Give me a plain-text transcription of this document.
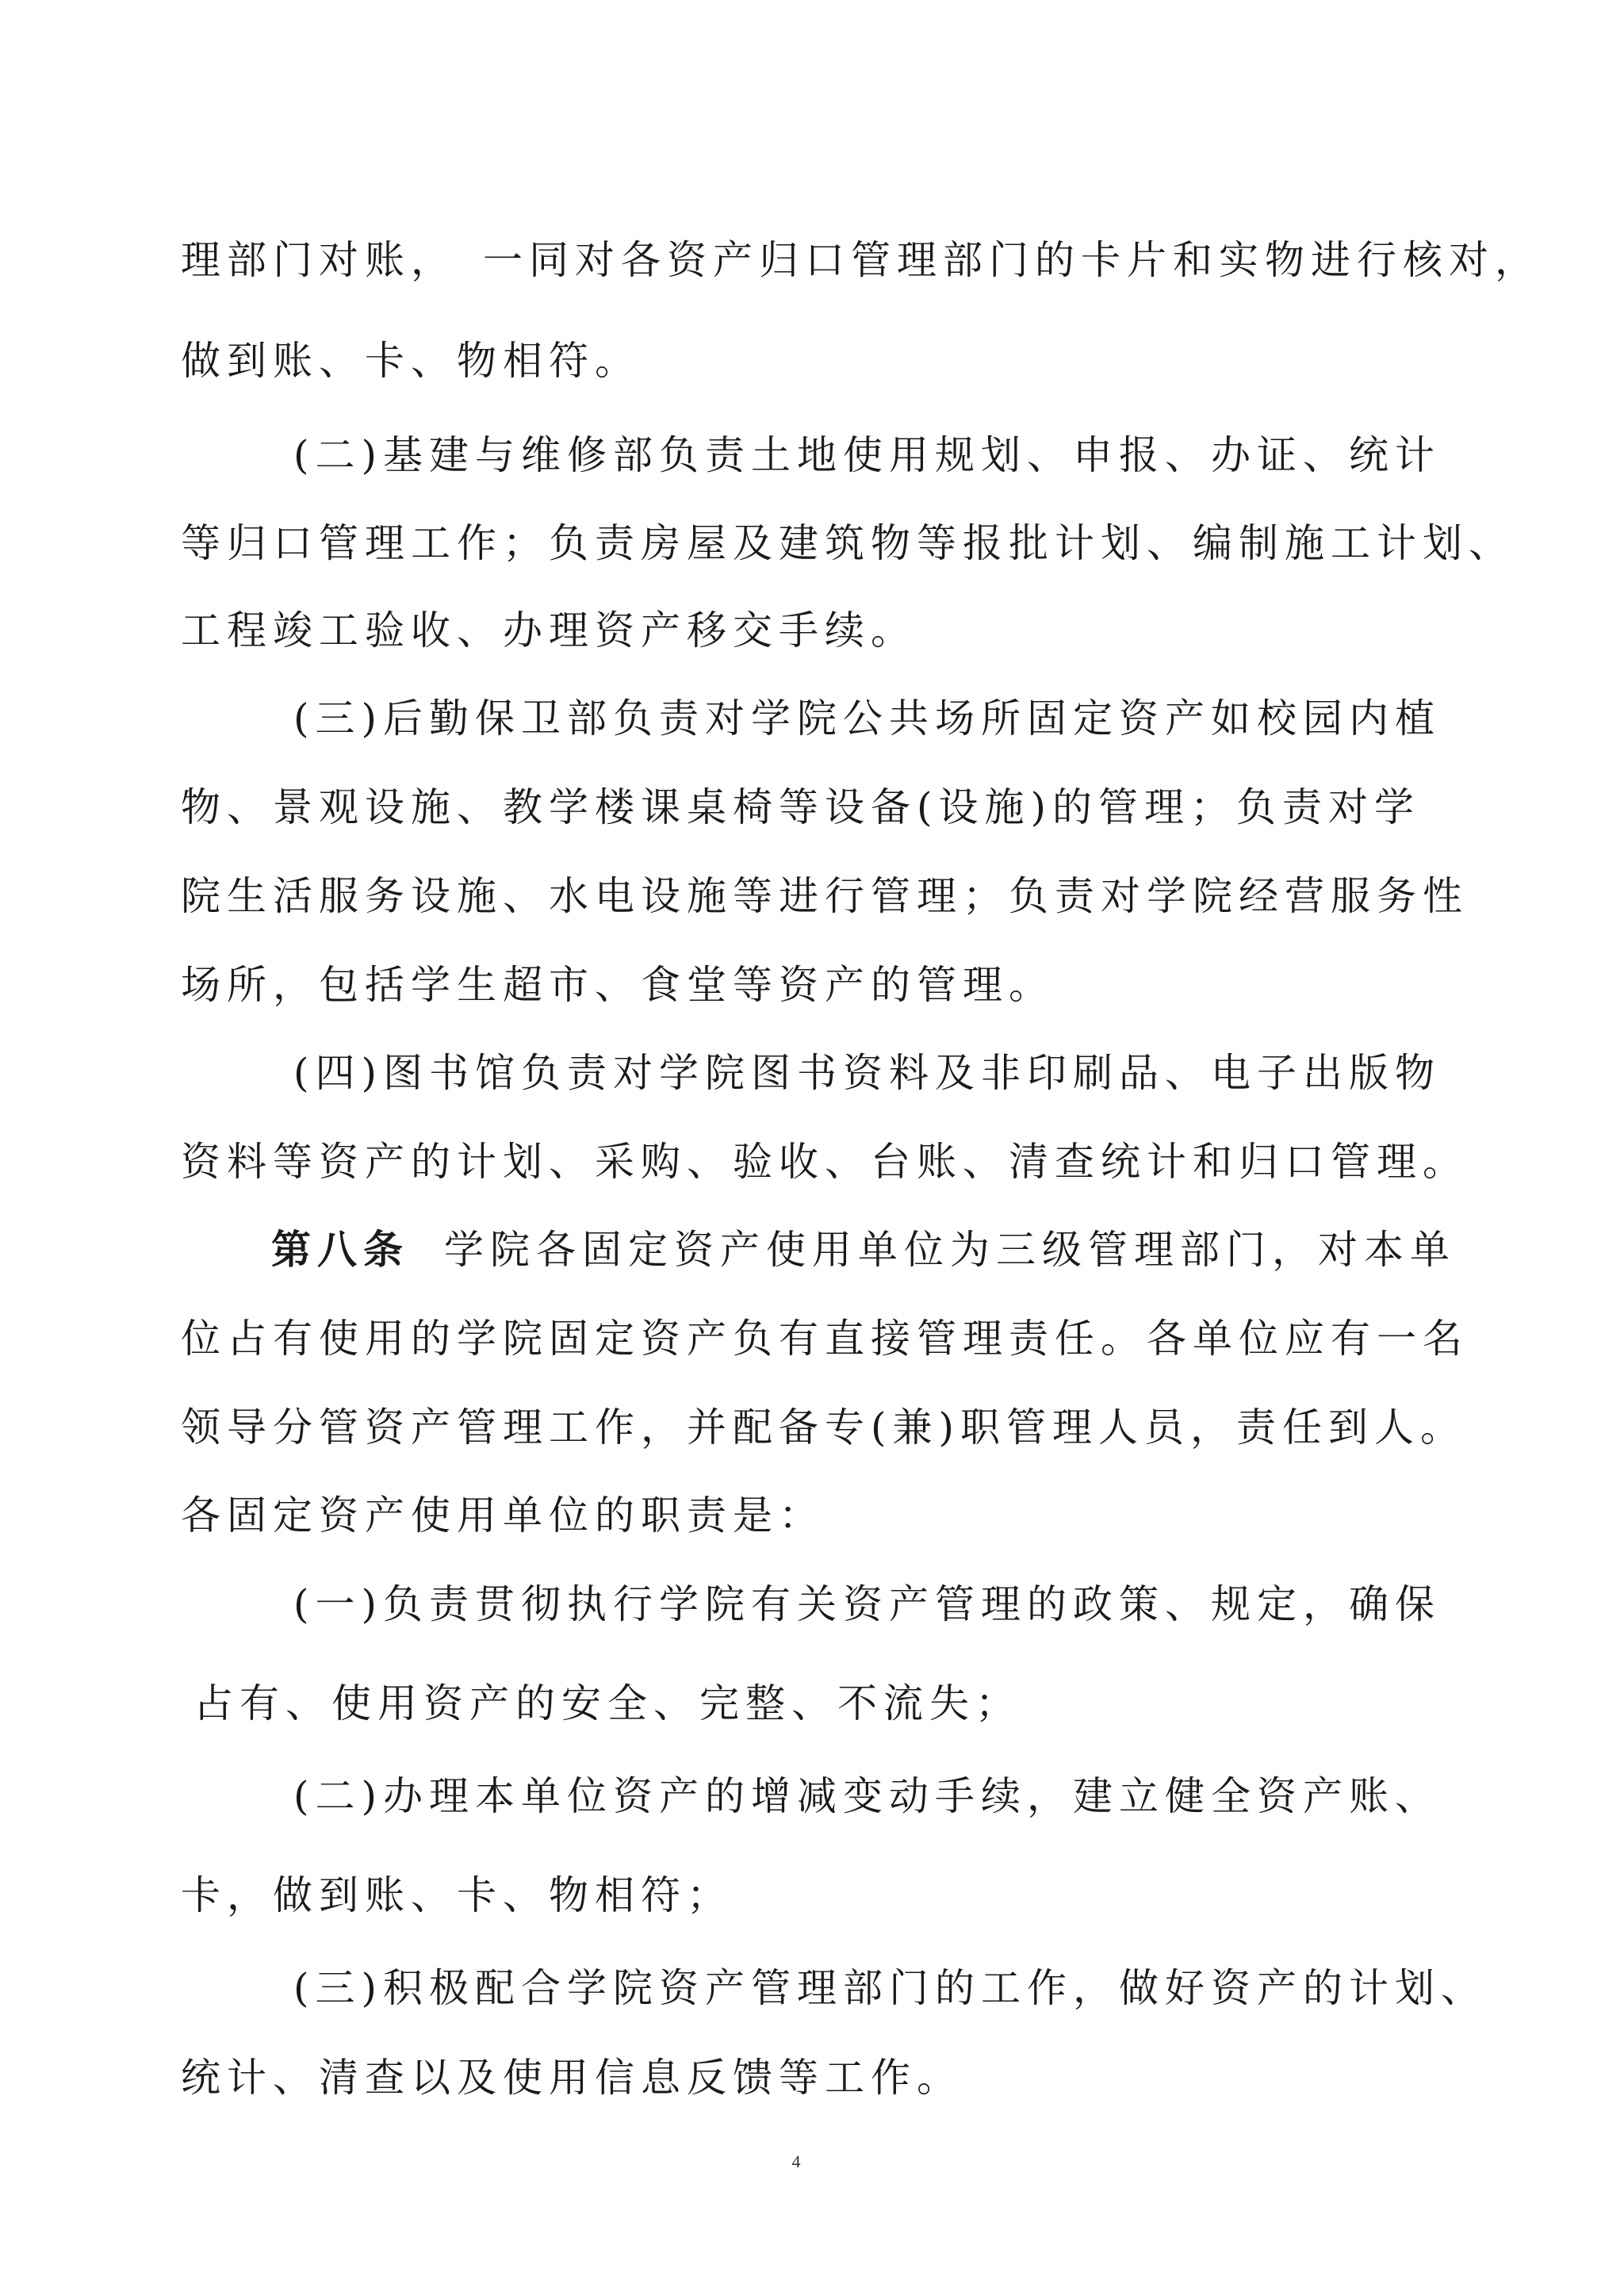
理部门对账，　一同对各资产归口管理部门的卡片和实物进行核对，
做到账、卡、物相符。
(二)基建与维修部负责土地使用规划、申报、办证、统计
等归口管理工作；负责房屋及建筑物等报批计划、编制施工计划、
工程竣工验收、办理资产移交手续。
(三)后勤保卫部负责对学院公共场所固定资产如校园内植
物、景观设施、教学楼课桌椅等设备(设施)的管理；负责对学
院生活服务设施、水电设施等进行管理；负责对学院经营服务性
场所，包括学生超市、食堂等资产的管理。
(四)图书馆负责对学院图书资料及非印刷品、电子出版物
资料等资产的计划、采购、验收、台账、清查统计和归口管理。
第八条 学院各固定资产使用单位为三级管理部门，对本单
位占有使用的学院固定资产负有直接管理责任。各单位应有一名
领导分管资产管理工作，并配备专(兼)职管理人员，责任到人。
各固定资产使用单位的职责是：
(一)负责贯彻执行学院有关资产管理的政策、规定，确保
占有、使用资产的安全、完整、不流失；
(二)办理本单位资产的增减变动手续，建立健全资产账、
卡，做到账、卡、物相符；
(三)积极配合学院资产管理部门的工作，做好资产的计划、
统计、清查以及使用信息反馈等工作。
4
